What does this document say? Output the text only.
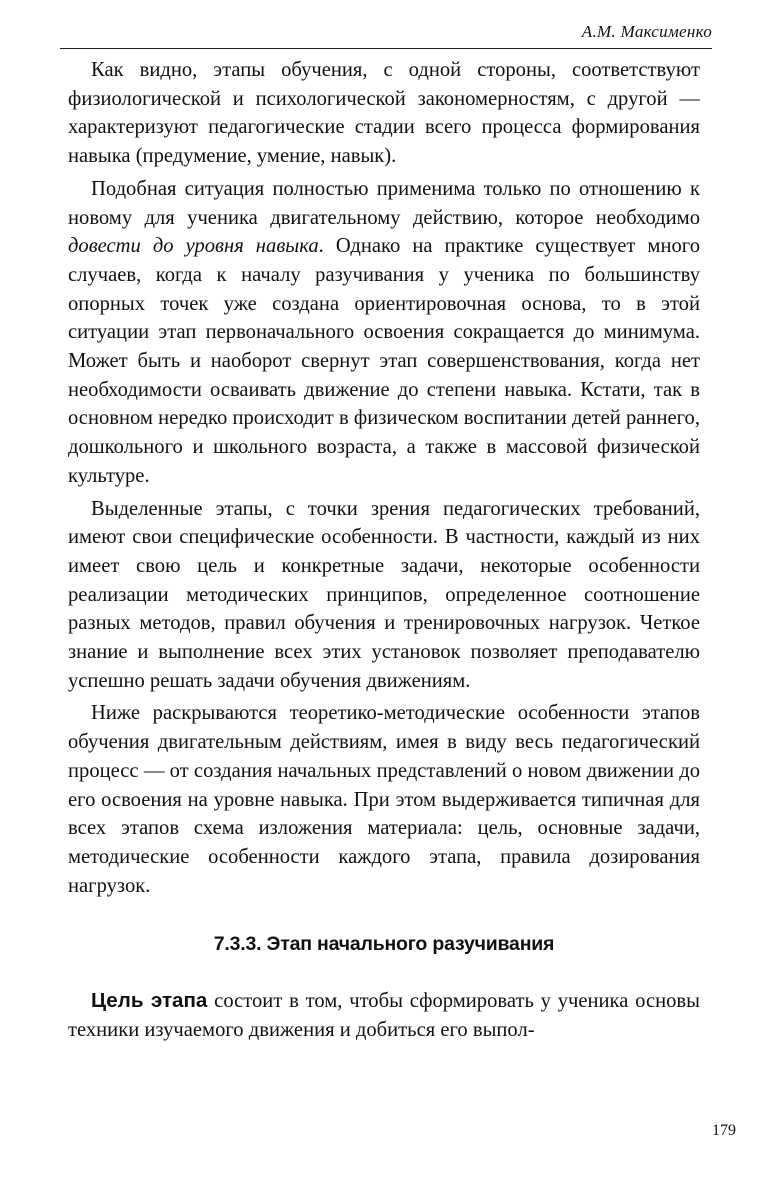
А.М. Максименко

Как видно, этапы обучения, с одной стороны, соответствуют физиологической и психологической закономерностям, с другой — характеризуют педагогические стадии всего процесса формирования навыка (предумение, умение, навык).

Подобная ситуация полностью применима только по отношению к новому для ученика двигательному действию, которое необходимо довести до уровня навыка. Однако на практике существует много случаев, когда к началу разучивания у ученика по большинству опорных точек уже создана ориентировочная основа, то в этой ситуации этап первоначального освоения сокращается до минимума. Может быть и наоборот свернут этап совершенствования, когда нет необходимости осваивать движение до степени навыка. Кстати, так в основном нередко происходит в физическом воспитании детей раннего, дошкольного и школьного возраста, а также в массовой физической культуре.

Выделенные этапы, с точки зрения педагогических требований, имеют свои специфические особенности. В частности, каждый из них имеет свою цель и конкретные задачи, некоторые особенности реализации методических принципов, определенное соотношение разных методов, правил обучения и тренировочных нагрузок. Четкое знание и выполнение всех этих установок позволяет преподавателю успешно решать задачи обучения движениям.

Ниже раскрываются теоретико-методические особенности этапов обучения двигательным действиям, имея в виду весь педагогический процесс — от создания начальных представлений о новом движении до его освоения на уровне навыка. При этом выдерживается типичная для всех этапов схема изложения материала: цель, основные задачи, методические особенности каждого этапа, правила дозирования нагрузок.

7.3.3. Этап начального разучивания

Цель этапа состоит в том, чтобы сформировать у ученика основы техники изучаемого движения и добиться его выпол-

179
